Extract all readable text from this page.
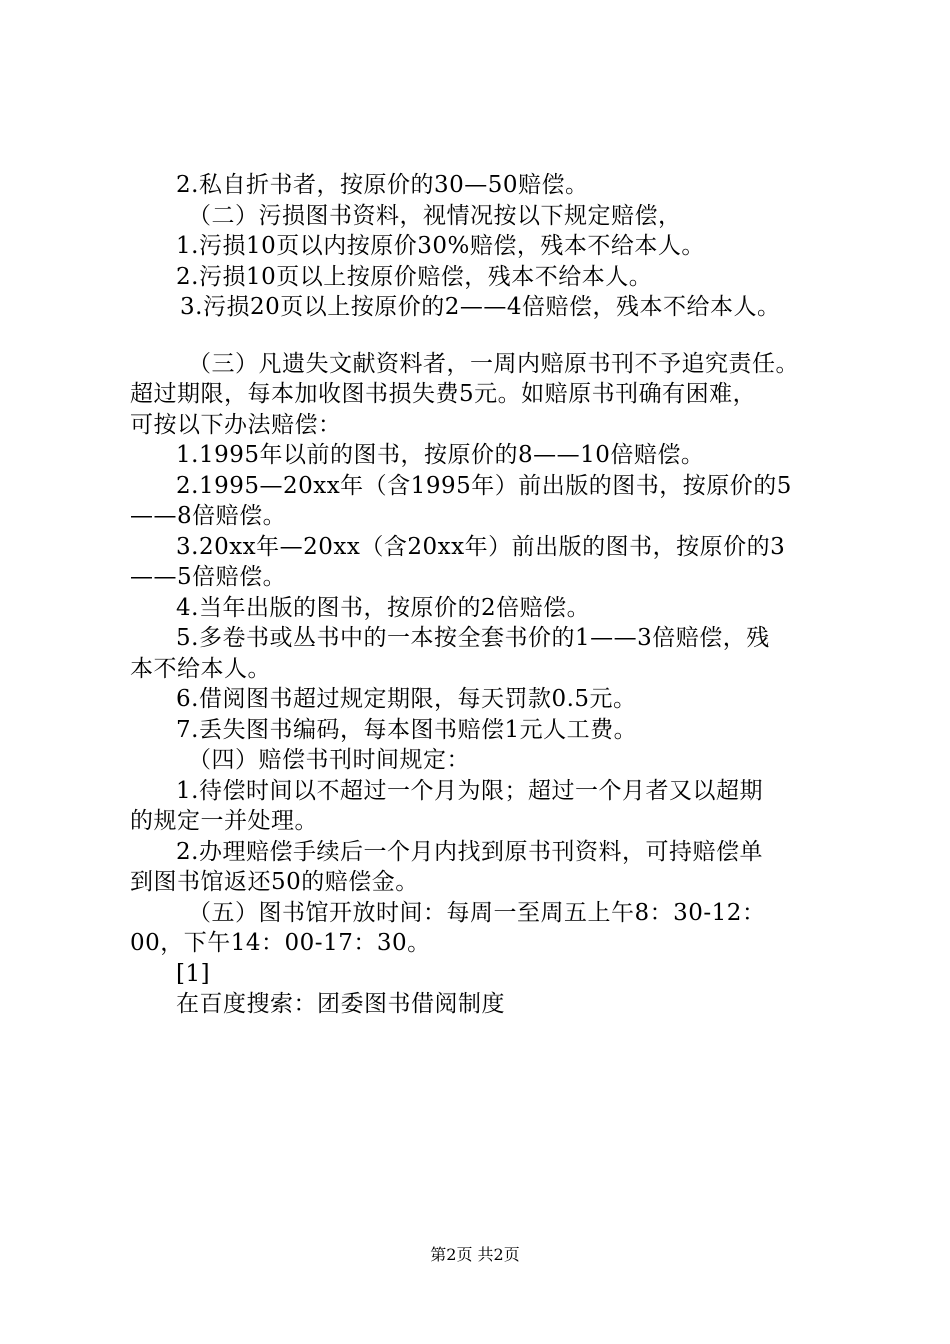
2.私自折书者，按原价的30—50赔偿。
（二）污损图书资料，视情况按以下规定赔偿，
1.污损10页以内按原价30%赔偿，残本不给本人。
2.污损10页以上按原价赔偿，残本不给本人。
3.污损20页以上按原价的2——4倍赔偿，残本不给本人。
（三）凡遗失文献资料者，一周内赔原书刊不予追究责任。
超过期限，每本加收图书损失费5元。如赔原书刊确有困难，
可按以下办法赔偿：
1.1995年以前的图书，按原价的8——10倍赔偿。
2.1995—20xx年（含1995年）前出版的图书，按原价的5
——8倍赔偿。
3.20xx年—20xx（含20xx年）前出版的图书，按原价的3
——5倍赔偿。
4.当年出版的图书，按原价的2倍赔偿。
5.多卷书或丛书中的一本按全套书价的1——3倍赔偿，残
本不给本人。
6.借阅图书超过规定期限，每天罚款0.5元。
7.丢失图书编码，每本图书赔偿1元人工费。
（四）赔偿书刊时间规定：
1.待偿时间以不超过一个月为限；超过一个月者又以超期
的规定一并处理。
2.办理赔偿手续后一个月内找到原书刊资料，可持赔偿单
到图书馆返还50的赔偿金。
（五）图书馆开放时间：每周一至周五上午8：30-12：
00，下午14：00-17：30。
[1]
在百度搜索：团委图书借阅制度
第2页 共2页
